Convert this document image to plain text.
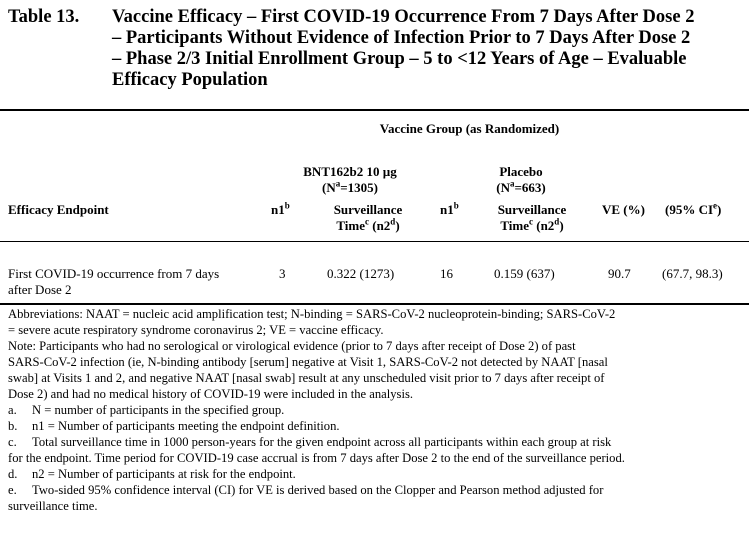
Table 13. Vaccine Efficacy – First COVID-19 Occurrence From 7 Days After Dose 2
– Participants Without Evidence of Infection Prior to 7 Days After Dose 2
– Phase 2/3 Initial Enrollment Group – 5 to <12 Years of Age – Evaluable
Efficacy Population
Vaccine Group (as Randomized)
BNT162b2 10 µg
$(N^a=1305)$
Placebo
$(N^a=663)$
Efficacy Endpoint	n1$^b$	Surveillance
Time$^c$ (n2$^d$)
n1$^b$	Surveillance
Time$^c$ (n2$^d$)
VE (%) (95% CIe)
First COVID-19 occurrence from 7 days
after Dose 2
3	0.322 (1273)	16	0.159 (637)	90.7 (67.7, 98.3)
Abbreviations: NAAT = nucleic acid amplification test; N-binding = SARS-CoV-2 nucleoprotein-binding; SARS-CoV-2
= severe acute respiratory syndrome coronavirus 2; VE = vaccine efficacy.
Note: Participants who had no serological or virological evidence (prior to 7 days after receipt of Dose 2) of past
SARS-CoV-2 infection (ie, N-binding antibody [serum] negative at Visit 1, SARS-CoV-2 not detected by NAAT [nasal
swab] at Visits 1 and 2, and negative NAAT [nasal swab] result at any unscheduled visit prior to 7 days after receipt of
Dose 2) and had no medical history of COVID-19 were included in the analysis.
a. N = number of participants in the specified group.
b. n1 = Number of participants meeting the endpoint definition.
c. Total surveillance time in 1000 person-years for the given endpoint across all participants within each group at risk
for the endpoint. Time period for COVID-19 case accrual is from 7 days after Dose 2 to the end of the surveillance period.
d. n2 = Number of participants at risk for the endpoint.
e. Two-sided 95% confidence interval (CI) for VE is derived based on the Clopper and Pearson method adjusted for
surveillance time.
